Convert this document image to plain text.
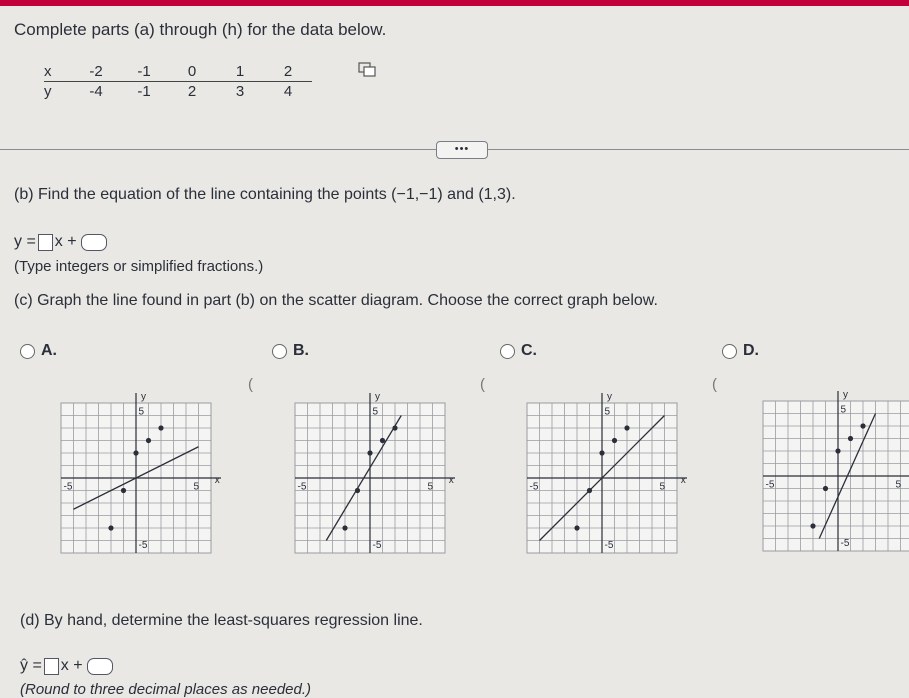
Complete parts (a) through (h) for the data below.
x	-2	-1	0	1	2
y	-4	-1	2	3	4
•••
(b) Find the equation of the line containing the points (−1,−1) and (1,3).
y = x +
(Type integers or simplified fractions.)
(c) Graph the line found in part (b) on the scatter diagram. Choose the correct graph below.
A.	B.	C.	D.
y
x
5
-5
5
-5
y
x
5
-5
5
-5
y
x
5
-5
5
-5
y
5
-5
5
-5
(	(	(
(d) By hand, determine the least-squares regression line.
ŷ = x +
(Round to three decimal places as needed.)
